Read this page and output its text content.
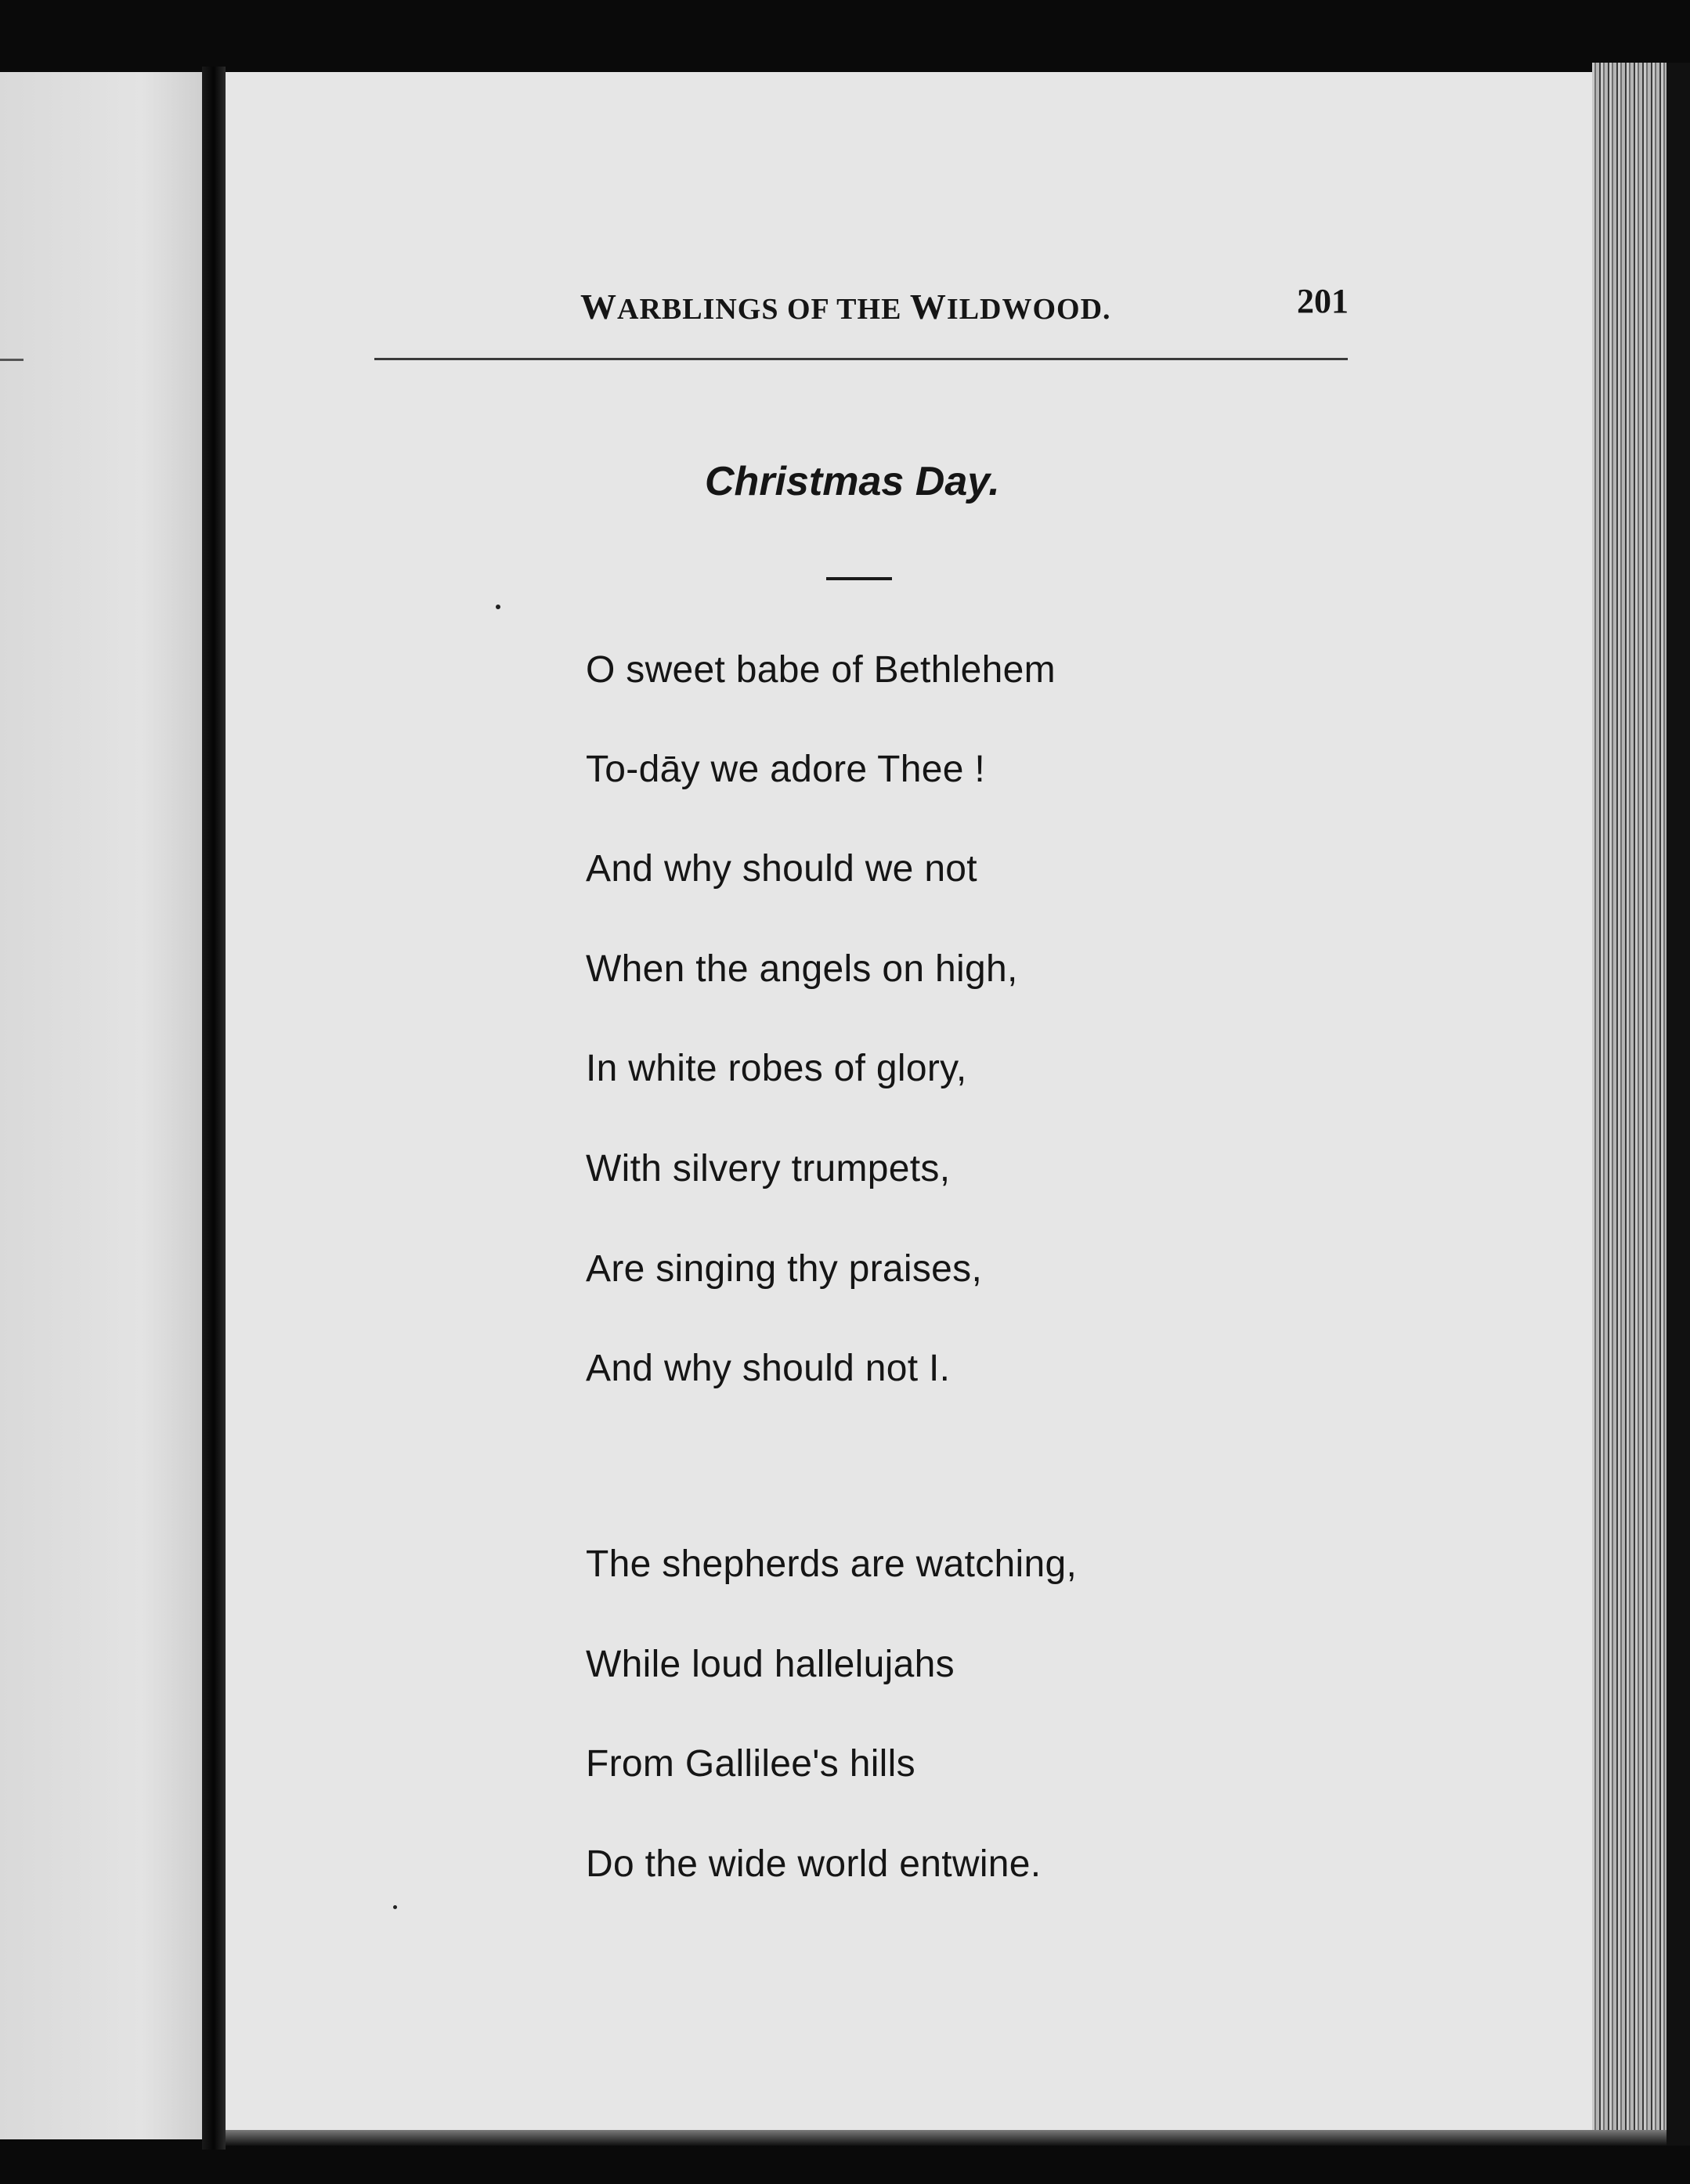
WARBLINGS OF THE WILDWOOD.	201
Christmas Day.
O sweet babe of Bethlehem
To-dāy we adore Thee !
And why should we not
When the angels on high,
In white robes of glory,
With silvery trumpets,
Are singing thy praises,
And why should not I.
The shepherds are watching,
While loud hallelujahs
From Gallilee's hills
Do the wide world entwine.
